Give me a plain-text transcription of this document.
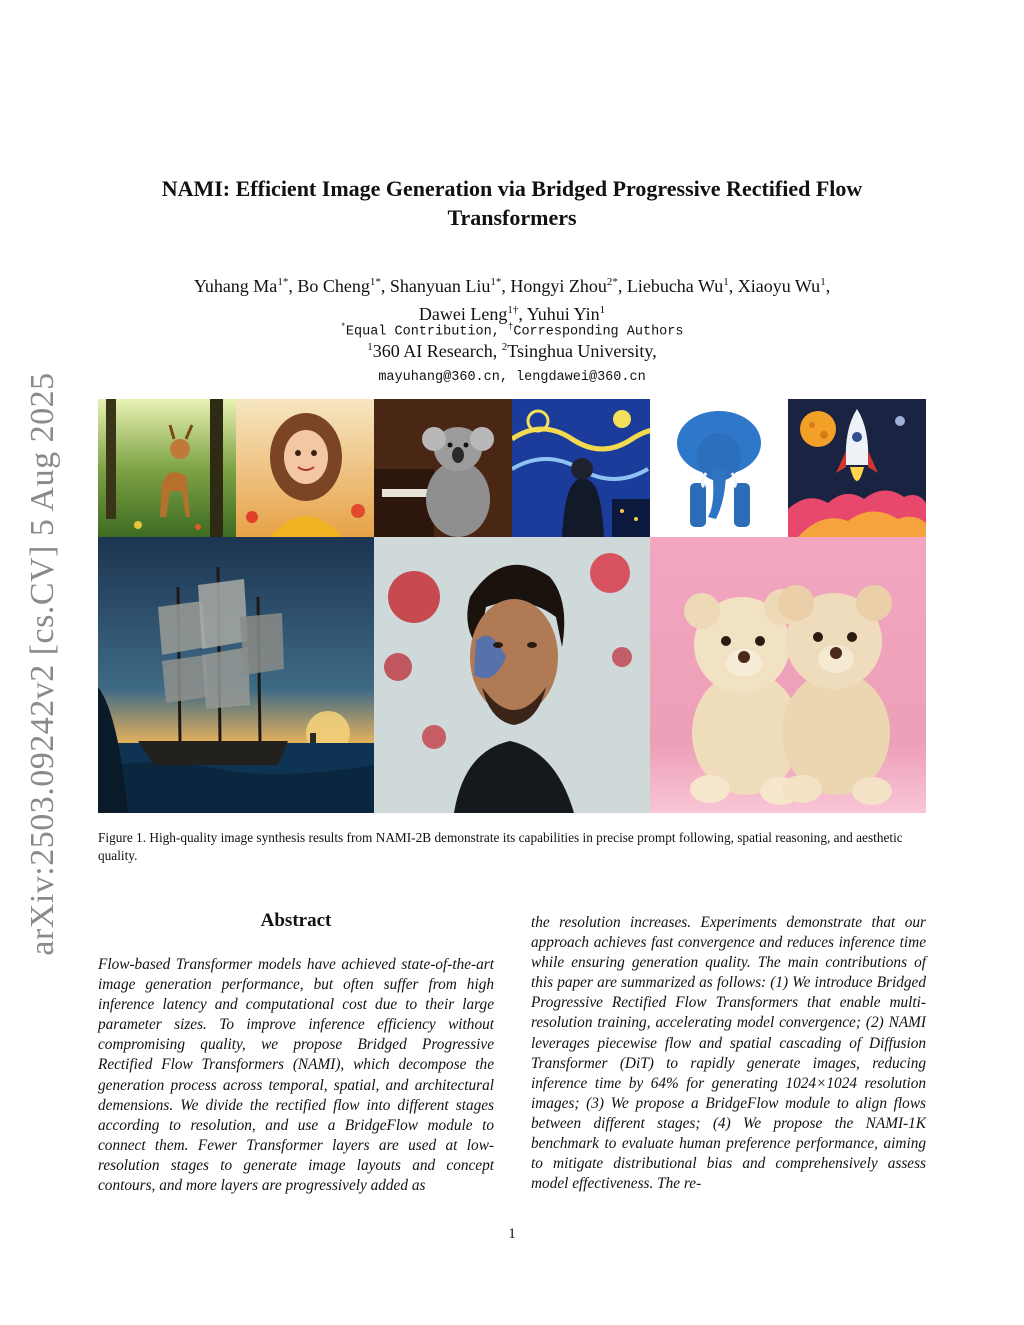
arXiv:2503.09242v2 [cs.CV] 5 Aug 2025
NAMI: Efficient Image Generation via Bridged Progressive Rectified Flow Transformers
Yuhang $Ma^{1*}$, Bo Cheng$^{1*}$, Shanyuan Liu$^{1*}$, Hongyi Zhou$^{2*}$, Liebucha Wu$^1$, Xiaoyu Wu$^1$,
Dawei Leng$^{1\dagger}$, Yuhui Yin$^1$
*Equal Contribution, †Corresponding Authors
$^1$360 AI Research, $^2$Tsinghua University,
mayuhang@360.cn, lengdawei@360.cn

Figure 1. High-quality image synthesis results from NAMI-2B demonstrate its capabilities in precise prompt following, spatial reasoning, and aesthetic quality.

Abstract

Flow-based Transformer models have achieved state-of-the-art image generation performance, but often suffer from high inference latency and computational cost due to their large parameter sizes. To improve inference efficiency without compromising quality, we propose Bridged Progressive Rectified Flow Transformers (NAMI), which decompose the generation process across temporal, spatial, and architectural demensions. We divide the rectified flow into different stages according to resolution, and use a BridgeFlow module to connect them. Fewer Transformer layers are used at low-resolution stages to generate image layouts and concept contours, and more layers are progressively added as

the resolution increases. Experiments demonstrate that our approach achieves fast convergence and reduces inference time while ensuring generation quality. The main contributions of this paper are summarized as follows: (1) We introduce Bridged Progressive Rectified Flow Transformers that enable multi-resolution training, accelerating model convergence; (2) NAMI leverages piecewise flow and spatial cascading of Diffusion Transformer (DiT) to rapidly generate images, reducing inference time by 64% for generating 1024×1024 resolution images; (3) We propose a BridgeFlow module to align flows between different stages; (4) We propose the NAMI-1K benchmark to evaluate human preference performance, aiming to mitigate distributional bias and comprehensively assess model effectiveness. The re-

1
